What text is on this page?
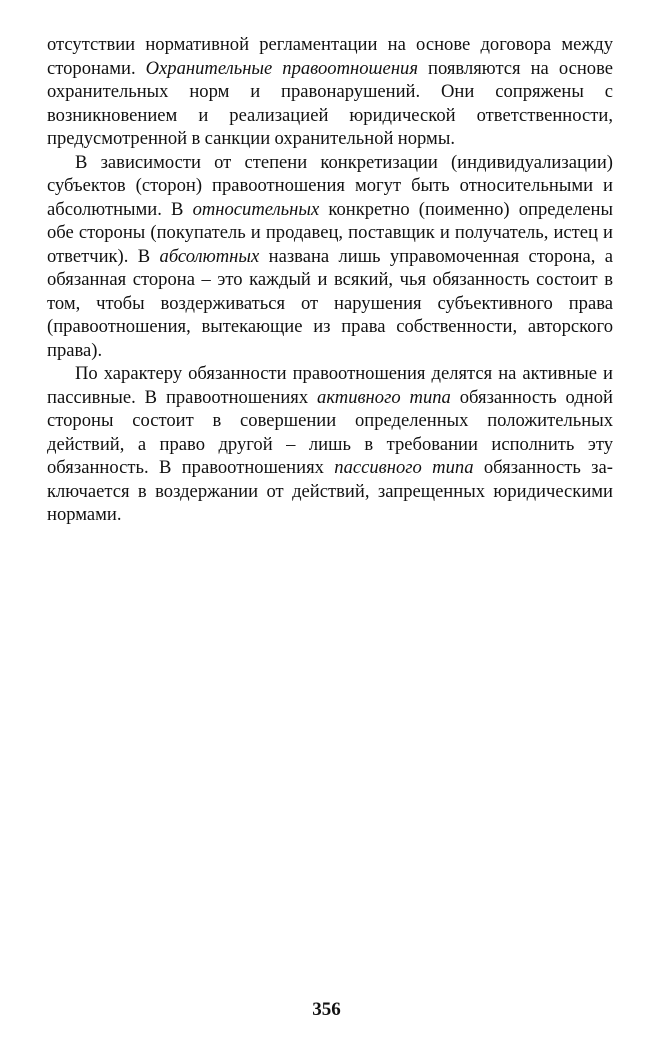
отсутствии нормативной регламентации на основе договора между сторонами. Охранительные правоотношения появляются на основе охранительных норм и правонарушений. Они сопряжены с возникновением и реализацией юридической ответственности, предусмотренной в санкции охранительной нормы.

В зависимости от степени конкретизации (индивидуализации) субъектов (сторон) правоотношения могут быть относительными и абсолютными. В относительных конкретно (поименно) определены обе стороны (покупатель и продавец, поставщик и получатель, истец и ответчик). В абсолютных названа лишь управомоченная сторона, а обязанная сторона – это каждый и всякий, чья обязанность состоит в том, чтобы воздерживаться от нарушения субъективного права (правоотношения, вытекающие из права собственности, авторского права).

По характеру обязанности правоотношения делятся на активные и пассивные. В правоотношениях активного типа обязанность одной стороны состоит в совершении определенных положительных действий, а право другой – лишь в требовании исполнить эту обязанность. В правоотношениях пассивного типа обязанность заключается в воздержании от действий, запрещенных юридическими нормами.

356
